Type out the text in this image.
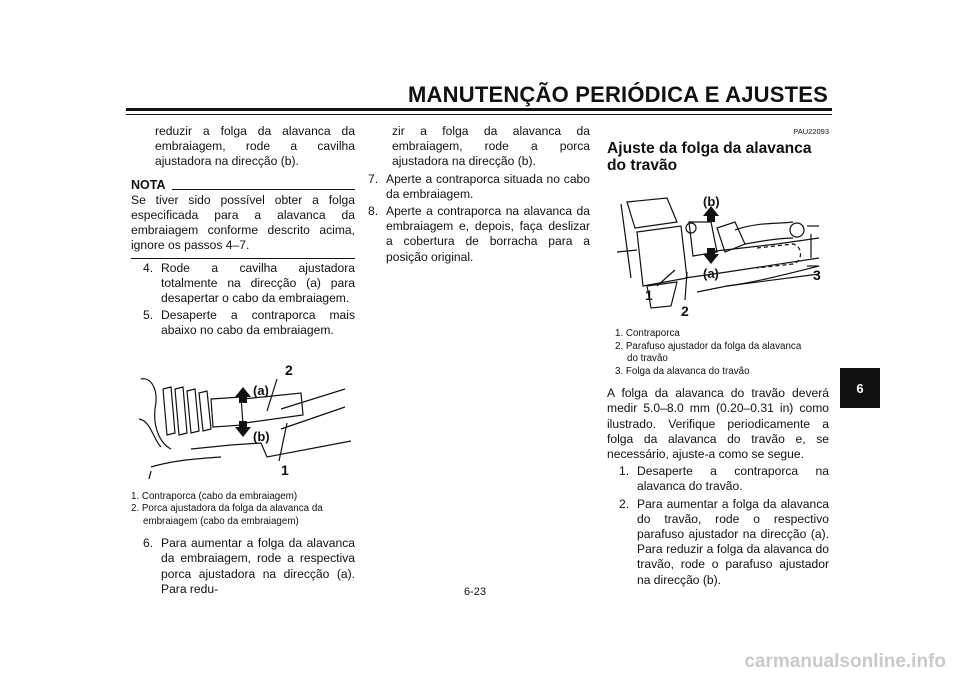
MANUTENÇÃO PERIÓDICA E AJUSTES
6

reduzir a folga da alavanca da embraiagem, rode a cavilha ajustadora na direcção (b).

NOTA

Se tiver sido possível obter a folga especificada para a alavanca da embraiagem conforme descrito acima, ignore os passos 4–7.

4. Rode a cavilha ajustadora totalmente na direcção (a) para desapertar o cabo da embraiagem.
5. Desaperte a contraporca mais abaixo no cabo da embraiagem.
(a)
(b)
2
1
1. Contraporca (cabo da embraiagem)
2. Porca ajustadora da folga da alavanca da
embraiagem (cabo da embraiagem)
6. Para aumentar a folga da alavanca da embraiagem, rode a respectiva porca ajustadora na direcção (a). Para redu-

zir a folga da alavanca da embraiagem, rode a porca ajustadora na direcção (b).

7. Aperte a contraporca situada no cabo da embraiagem.
8. Aperte a contraporca na alavanca da embraiagem e, depois, faça deslizar a cobertura de borracha para a posição original.
PAU22093
Ajuste da folga da alavanca do travão
(b)
(a)	3
1
2
1. Contraporca
2. Parafuso ajustador da folga da alavanca
do travão
3. Folga da alavanca do travão

A folga da alavanca do travão deverá medir 5.0–8.0 mm (0.20–0.31 in) como ilustrado. Verifique periodicamente a folga da alavanca do travão e, se necessário, ajuste-a como se segue.

1. Desaperte a contraporca na alavanca do travão.
2. Para aumentar a folga da alavanca do travão, rode o respectivo parafuso ajustador na direcção (a). Para reduzir a folga da alavanca do travão, rode o parafuso ajustador na direcção (b).
6-23
carmanualsonline.info
